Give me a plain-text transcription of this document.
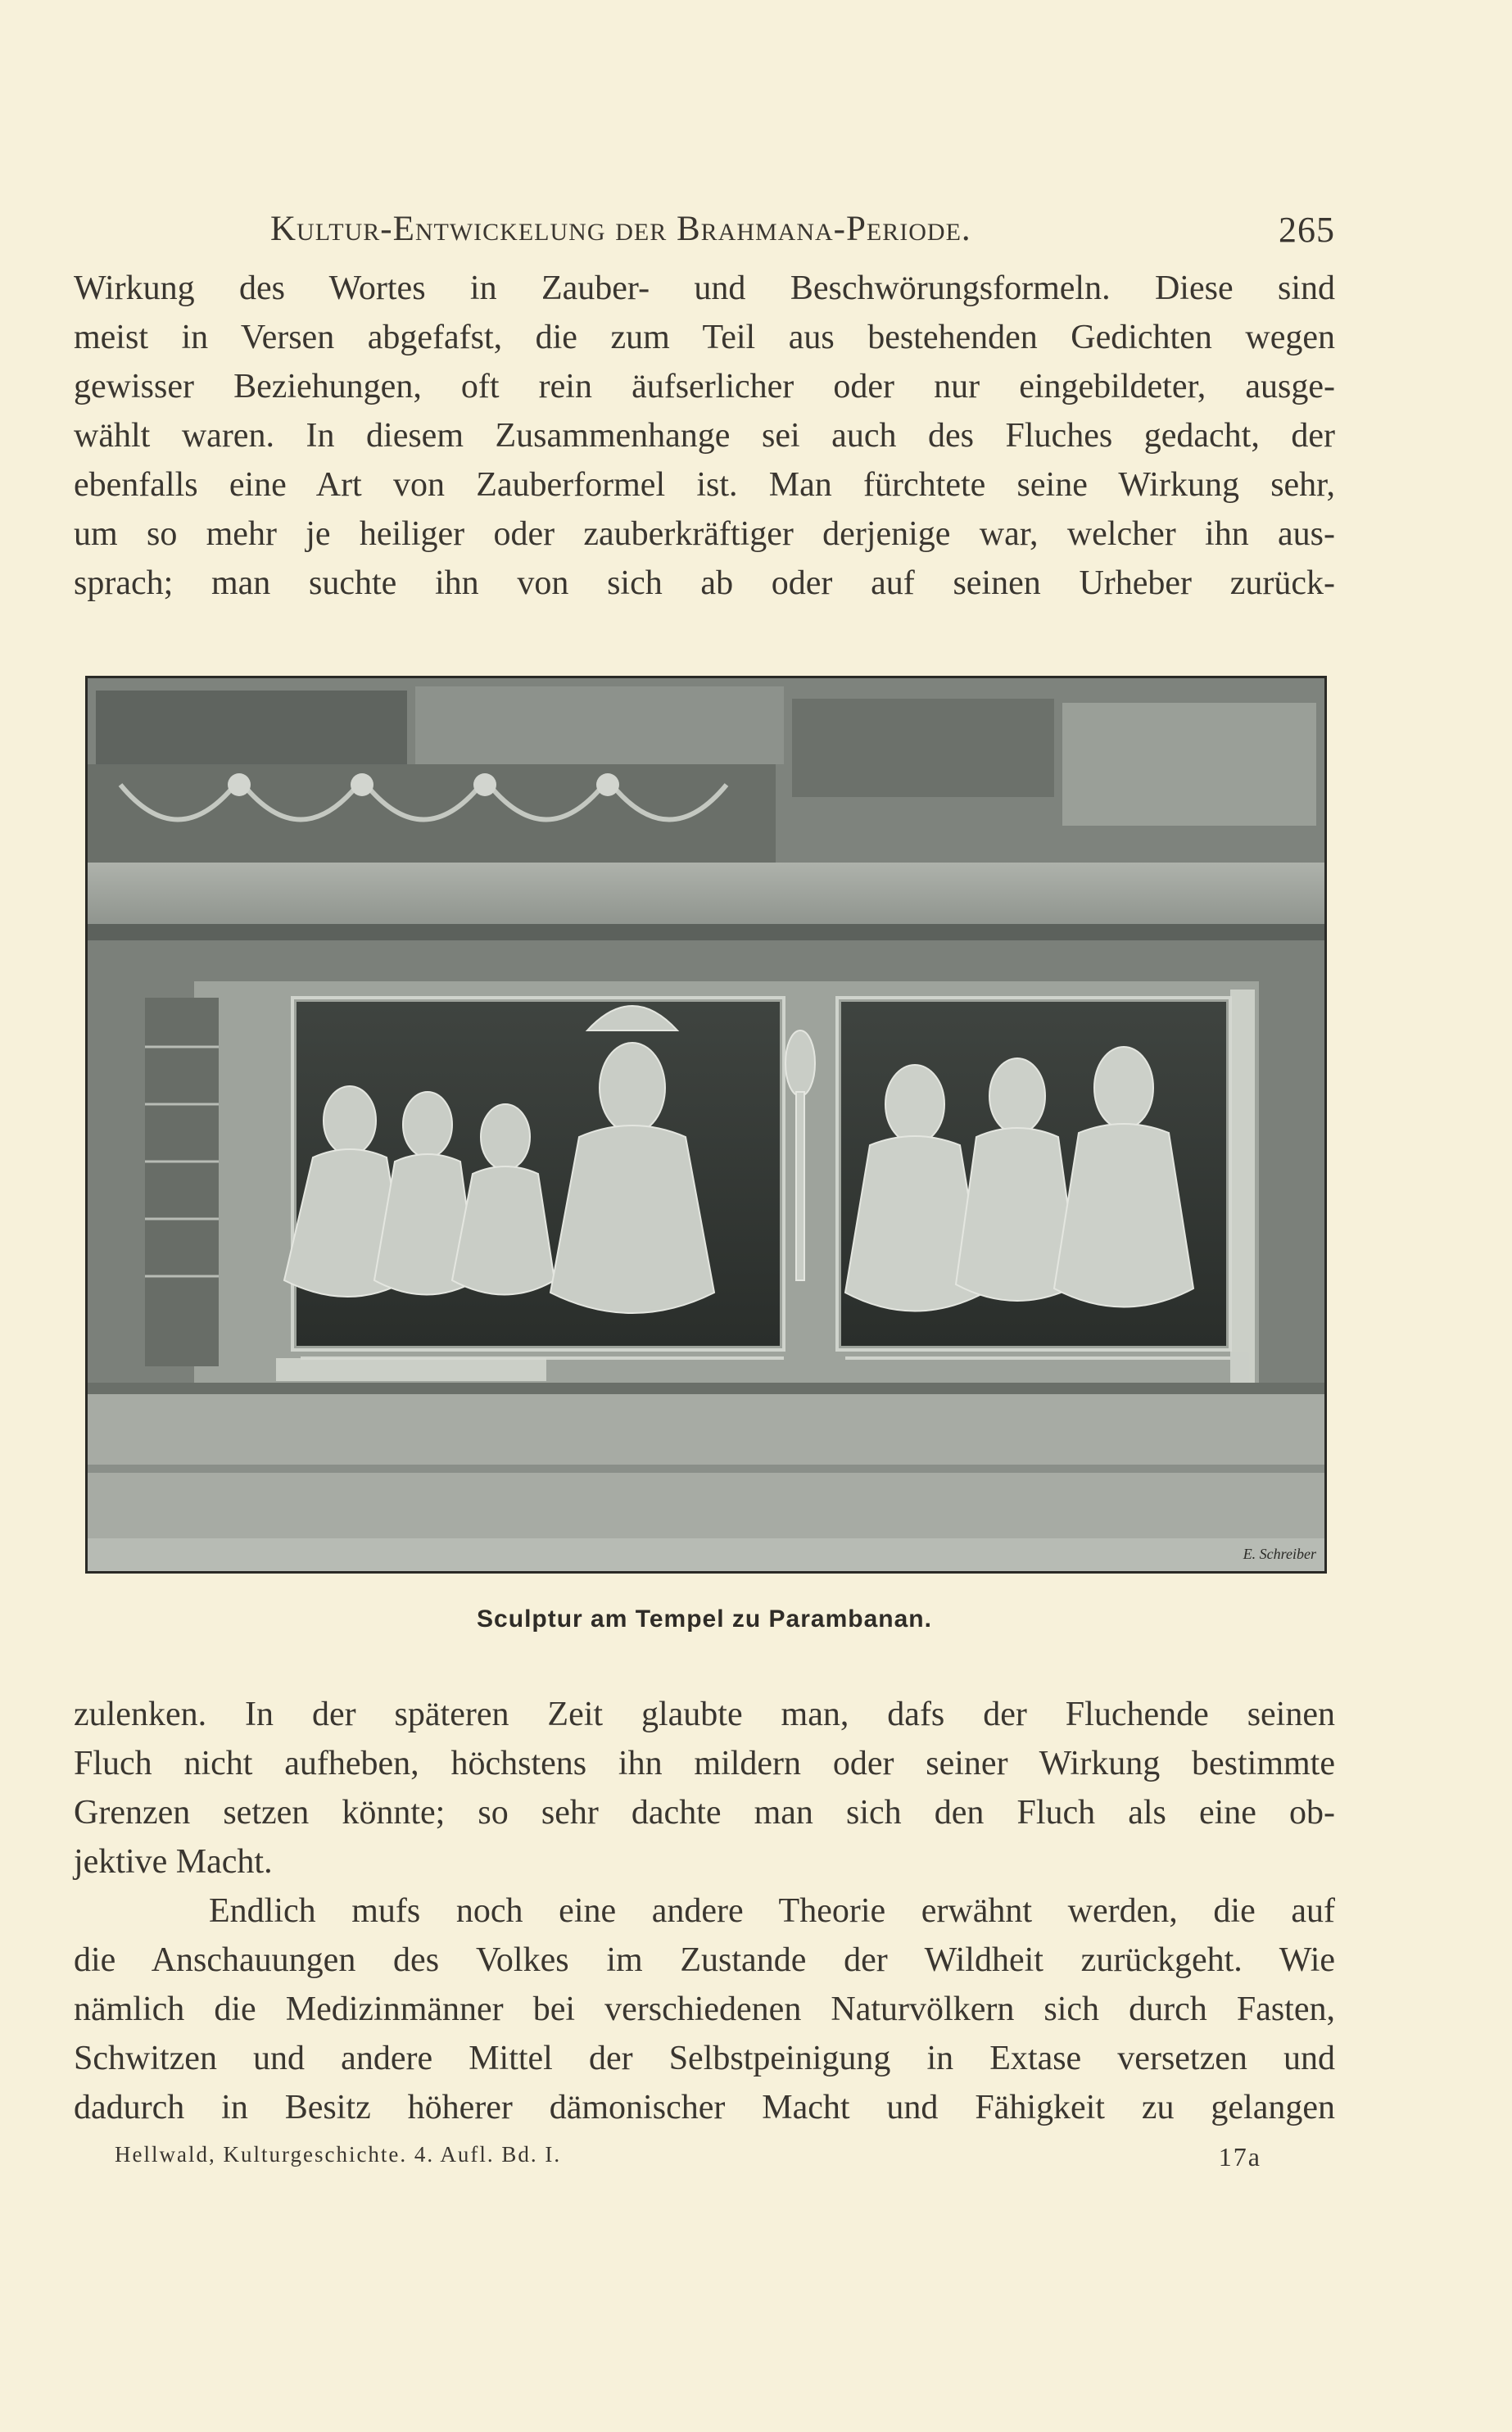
Kultur-Entwickelung der Brahmana-Periode.	265
Wirkung des Wortes in Zauber- und Beschwörungsformeln. Diese sind
meist in Versen abgefafst, die zum Teil aus bestehenden Gedichten wegen
gewisser Beziehungen, oft rein äufserlicher oder nur eingebildeter, ausge-
wählt waren. In diesem Zusammenhange sei auch des Fluches gedacht, der
ebenfalls eine Art von Zauberformel ist. Man fürchtete seine Wirkung sehr,
um so mehr je heiliger oder zauberkräftiger derjenige war, welcher ihn aus-
sprach; man suchte ihn von sich ab oder auf seinen Urheber zurück-
E. Schreiber
Sculptur am Tempel zu Parambanan.
zulenken. In der späteren Zeit glaubte man, dafs der Fluchende seinen
Fluch nicht aufheben, höchstens ihn mildern oder seiner Wirkung bestimmte
Grenzen setzen könnte; so sehr dachte man sich den Fluch als eine ob-
jektive Macht.
Endlich mufs noch eine andere Theorie erwähnt werden, die auf
die Anschauungen des Volkes im Zustande der Wildheit zurückgeht. Wie
nämlich die Medizinmänner bei verschiedenen Naturvölkern sich durch Fasten,
Schwitzen und andere Mittel der Selbstpeinigung in Extase versetzen und
dadurch in Besitz höherer dämonischer Macht und Fähigkeit zu gelangen
Hellwald, Kulturgeschichte. 4. Aufl. Bd. I.	17a
